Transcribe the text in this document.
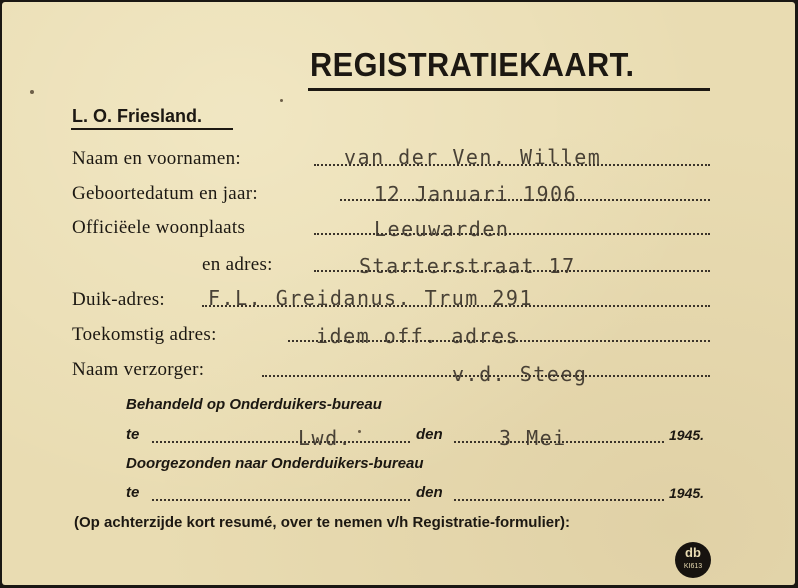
REGISTRATIEKAART.
L. O. Friesland.
Naam en voornamen:	van der Ven. Willem
Geboortedatum en jaar:	12 Januari 1906
Officiëele woonplaats	Leeuwarden
en adres:	Starterstraat 17
Duik-adres: F.L. Greidanus. Trum 291
Toekomstig adres:	idem off. adres
Naam verzorger:	v.d. Steeg
Behandeld op Onderduikers-bureau
te	Lwd.	den	3 Mei	1945.
Doorgezonden naar Onderduikers-bureau
te	den	1945.
(Op achterzijde kort resumé, over te nemen v/h Registratie-formulier):
db
KI613
